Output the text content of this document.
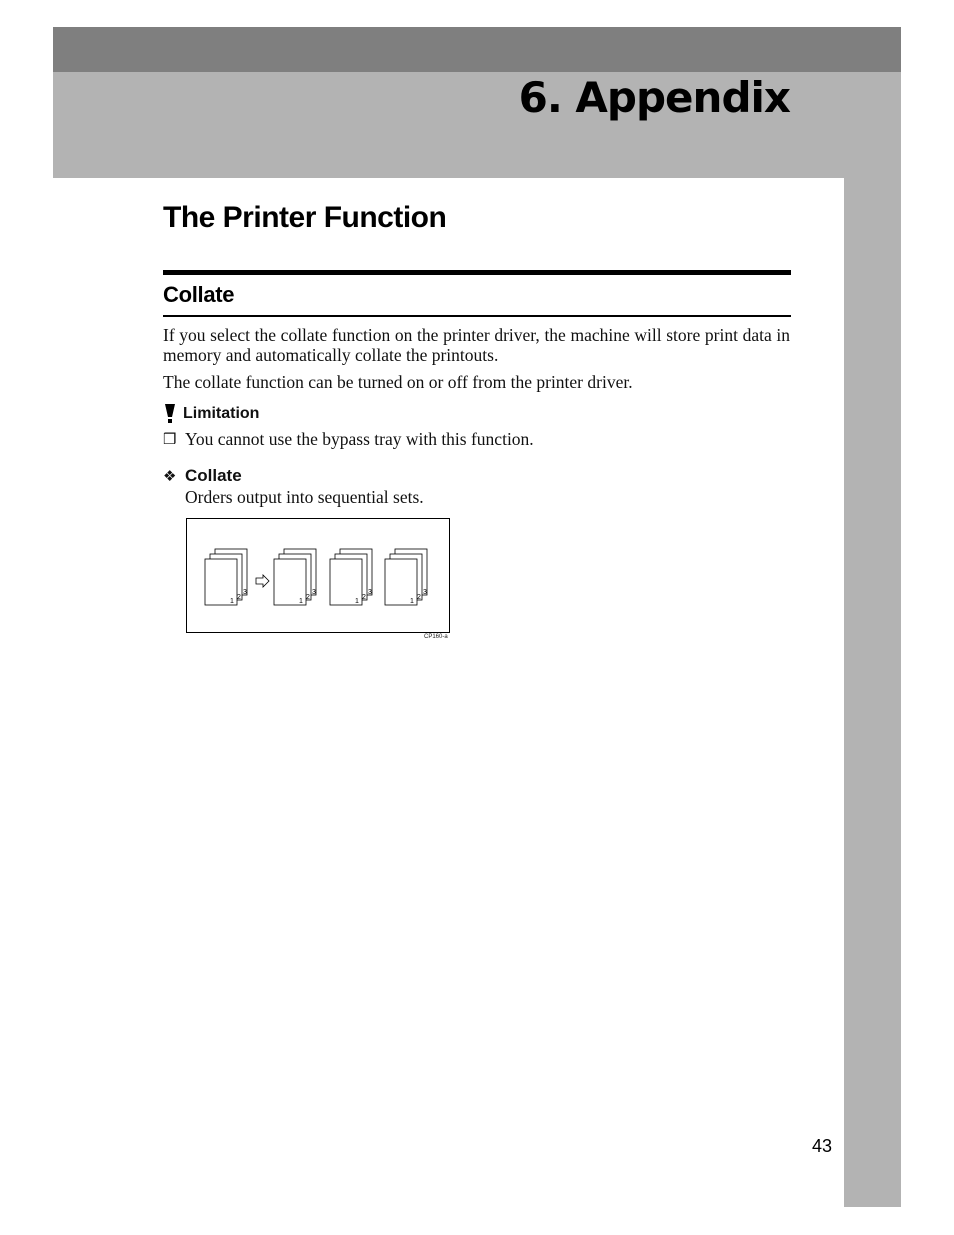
6. Appendix
The Printer Function
Collate

If you select the collate function on the printer driver, the machine will store print data in memory and automatically collate the printouts.

The collate function can be turned on or off from the printer driver.

Limitation
❒ You cannot use the bypass tray with this function.
❖ Collate

Orders output into sequential sets.

3
2
1
3
2
1
3
2
1
3
2
1
CP160-a

43
